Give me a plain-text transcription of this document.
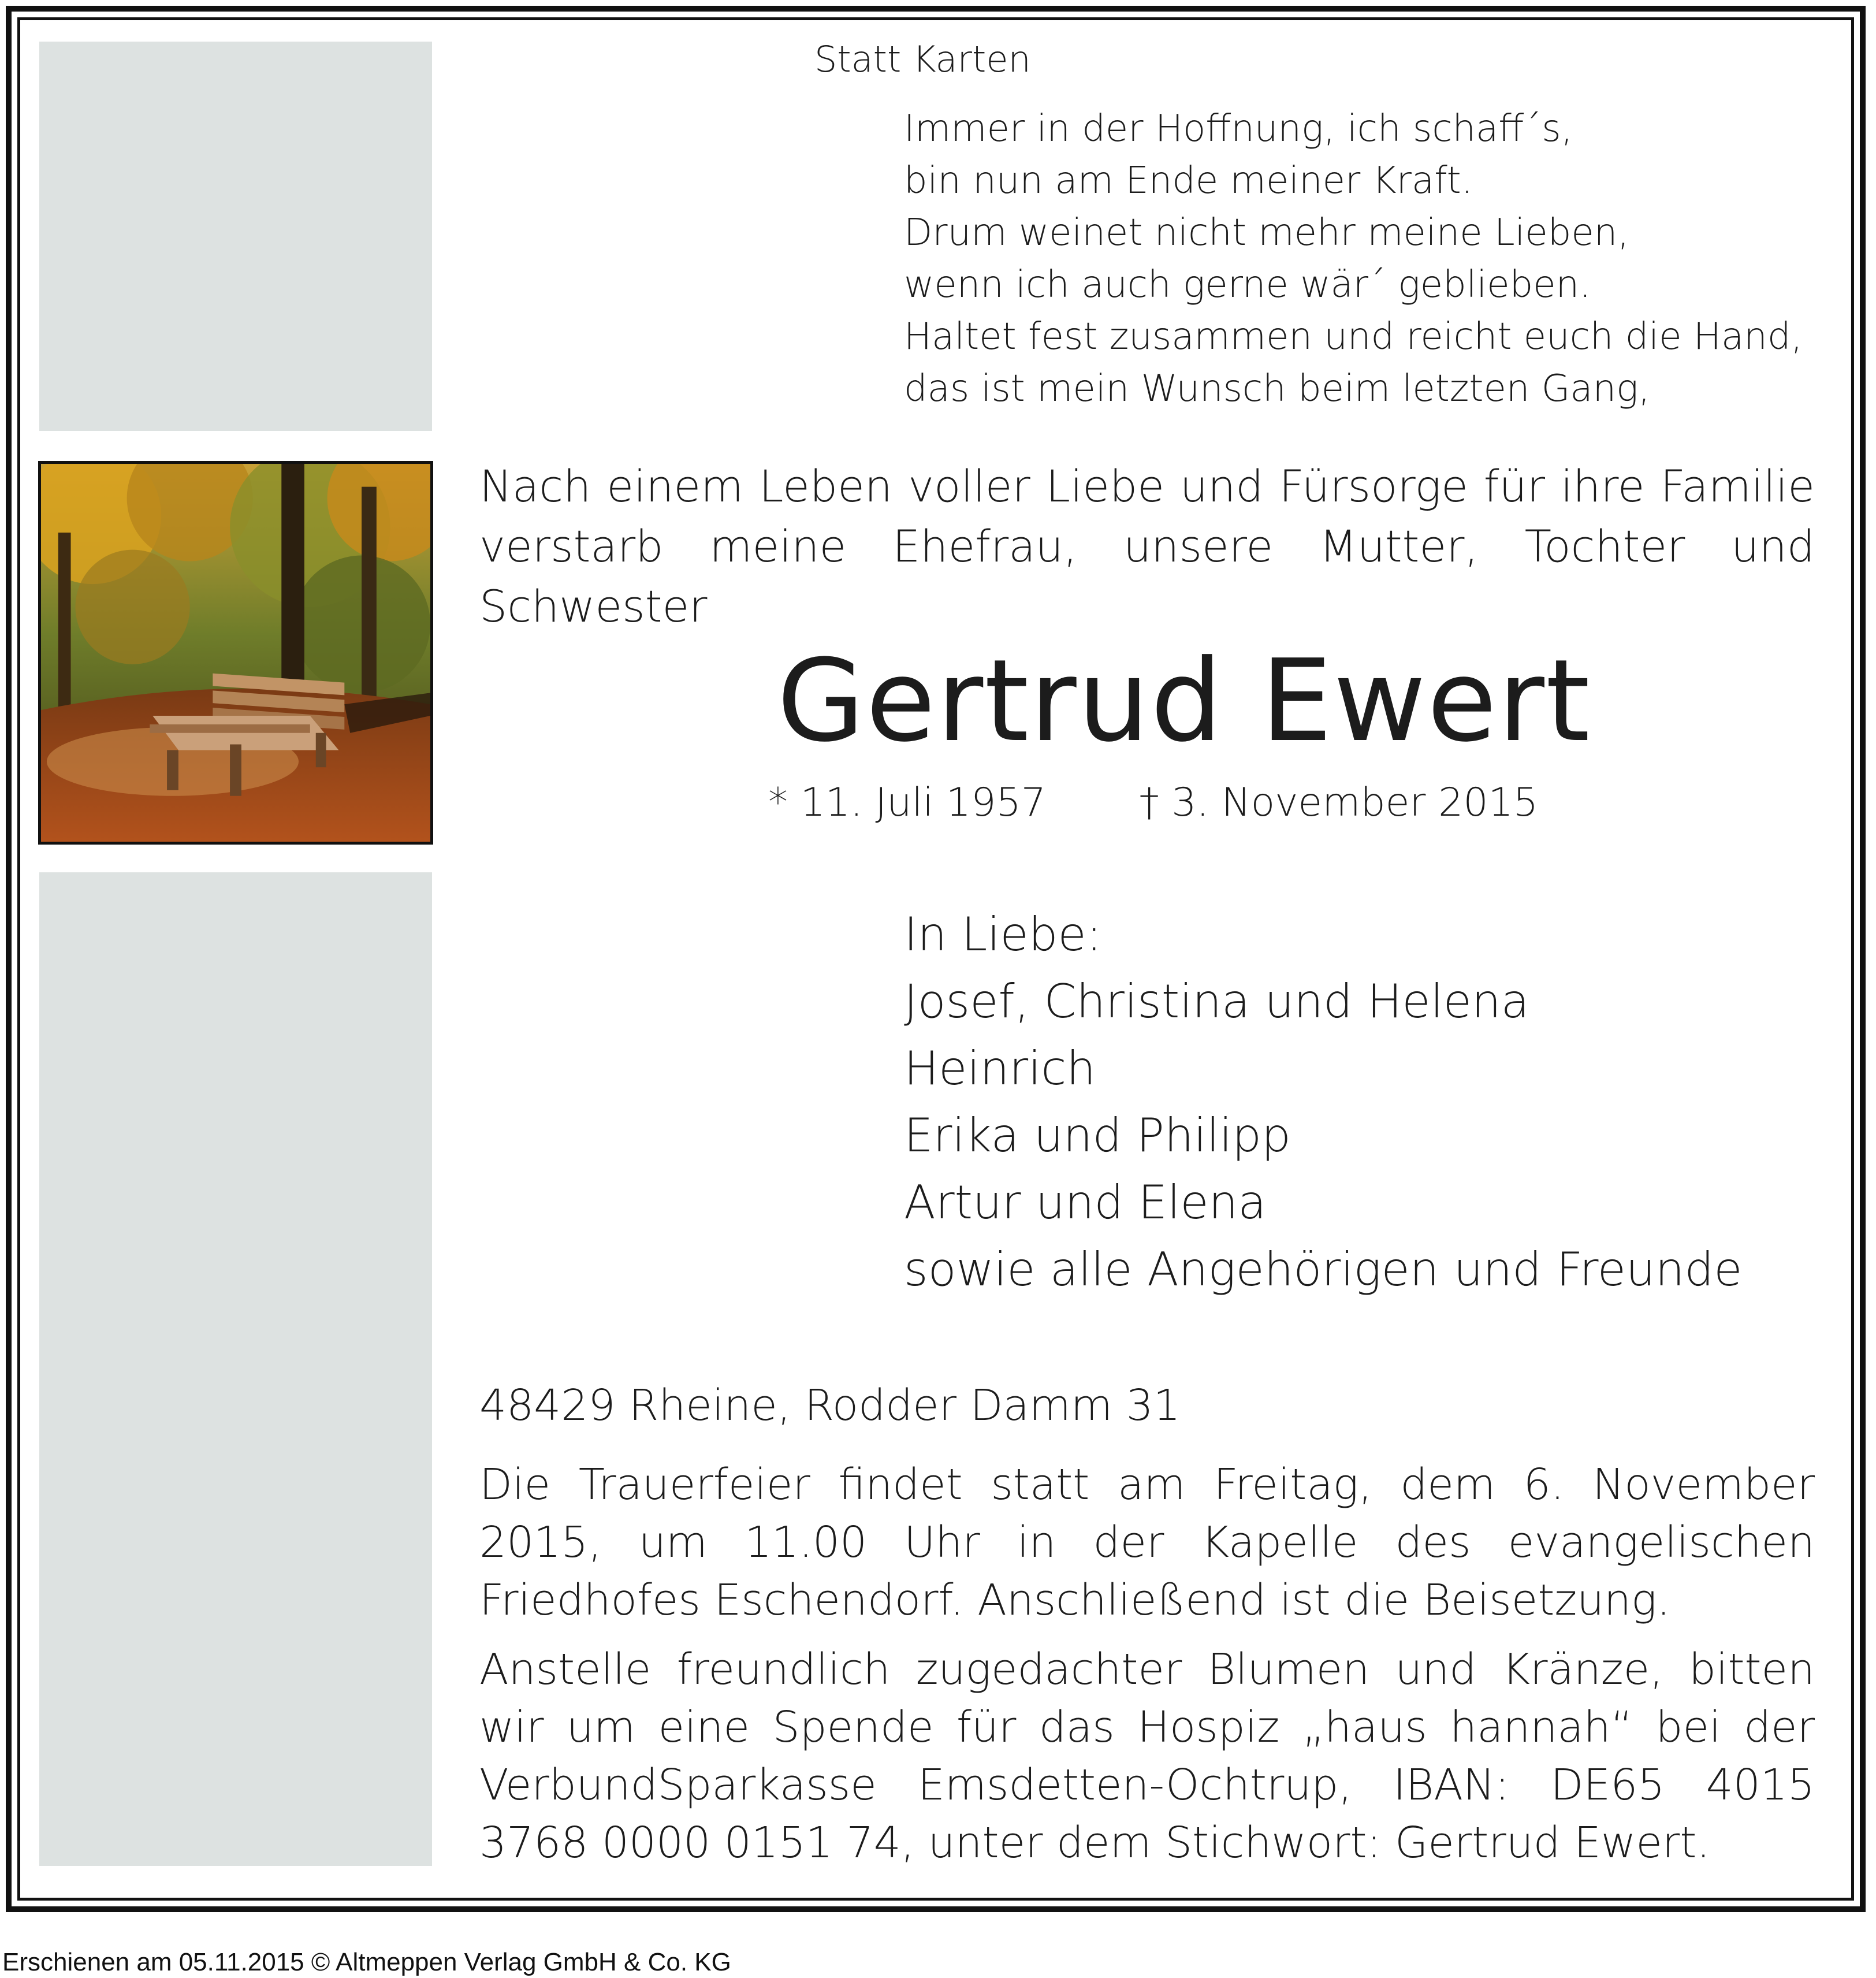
Statt Karten
Immer in der Hoffnung, ich schaff´s,
bin nun am Ende meiner Kraft.
Drum weinet nicht mehr meine Lieben,
wenn ich auch gerne wär´ geblieben.
Haltet fest zusammen und reicht euch die Hand,
das ist mein Wunsch beim letzten Gang,
Nach einem Leben voller Liebe und Fürsorge für ihre Familie verstarb meine Ehefrau, unsere Mutter, Tochter und Schwester
Gertrud Ewert
* 11. Juli 1957 † 3. November 2015
In Liebe:
Josef, Christina und Helena
Heinrich
Erika und Philipp
Artur und Elena
sowie alle Angehörigen und Freunde
48429 Rheine, Rodder Damm 31
Die Trauerfeier findet statt am Freitag, dem 6. November 2015, um 11.00 Uhr in der Kapelle des evangelischen Friedhofes Eschendorf. Anschließend ist die Beisetzung.
Anstelle freundlich zugedachter Blumen und Kränze, bitten wir um eine Spende für das Hospiz „haus hannah“ bei der VerbundSparkasse Emsdetten-Ochtrup, IBAN: DE65 4015 3768 0000 0151 74, unter dem Stichwort: Gertrud Ewert.
Erschienen am 05.11.2015 © Altmeppen Verlag GmbH & Co. KG
